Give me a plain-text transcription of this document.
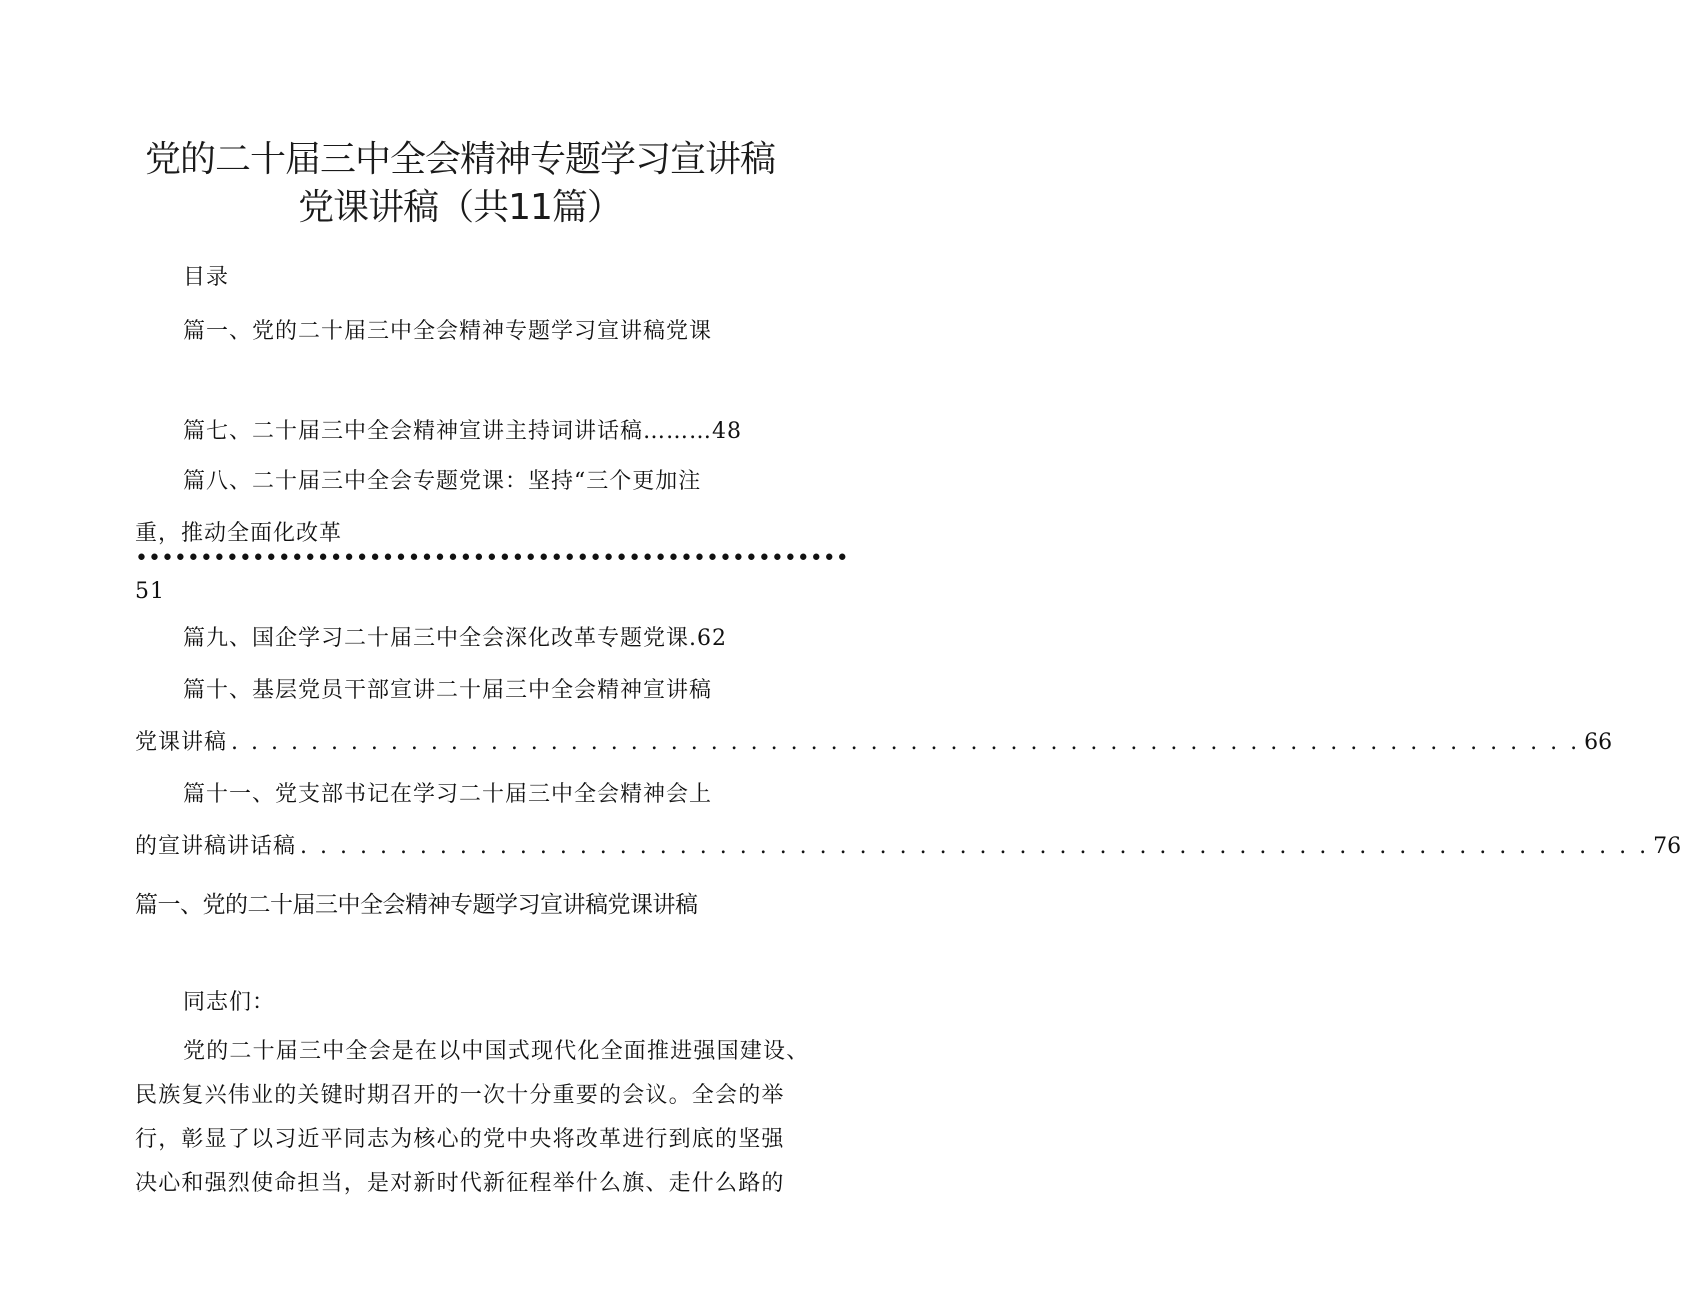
党的二十届三中全会精神专题学习宣讲稿
党课讲稿（共11篇）
目录
篇一、党的二十届三中全会精神专题学习宣讲稿党课
篇七、二十届三中全会精神宣讲主持词讲话稿………48
篇八、二十届三中全会专题党课：坚持“三个更加注
重，推动全面化改革
•••••••••••••••••••••••••••••••••••••••••••••••••••••••
51
篇九、国企学习二十届三中全会深化改革专题党课.62
篇十、基层党员干部宣讲二十届三中全会精神宣讲稿
党课讲稿 . . . . . . . . . . . . . . . . . . . . . . . . . . . . . . . . . . . . . . . . . . . . . . . . . . . . . . . . . . . . . . . . . . . . 66
篇十一、党支部书记在学习二十届三中全会精神会上
的宣讲稿讲话稿 . . . . . . . . . . . . . . . . . . . . . . . . . . . . . . . . . . . . . . . . . . . . . . . . . . . . . . . . . . . . . . . . . . . . 76
篇一、党的二十届三中全会精神专题学习宣讲稿党课讲稿
同志们：
党的二十届三中全会是在以中国式现代化全面推进强国建设、
民族复兴伟业的关键时期召开的一次十分重要的会议。全会的举
行，彰显了以习近平同志为核心的党中央将改革进行到底的坚强
决心和强烈使命担当，是对新时代新征程举什么旗、走什么路的
